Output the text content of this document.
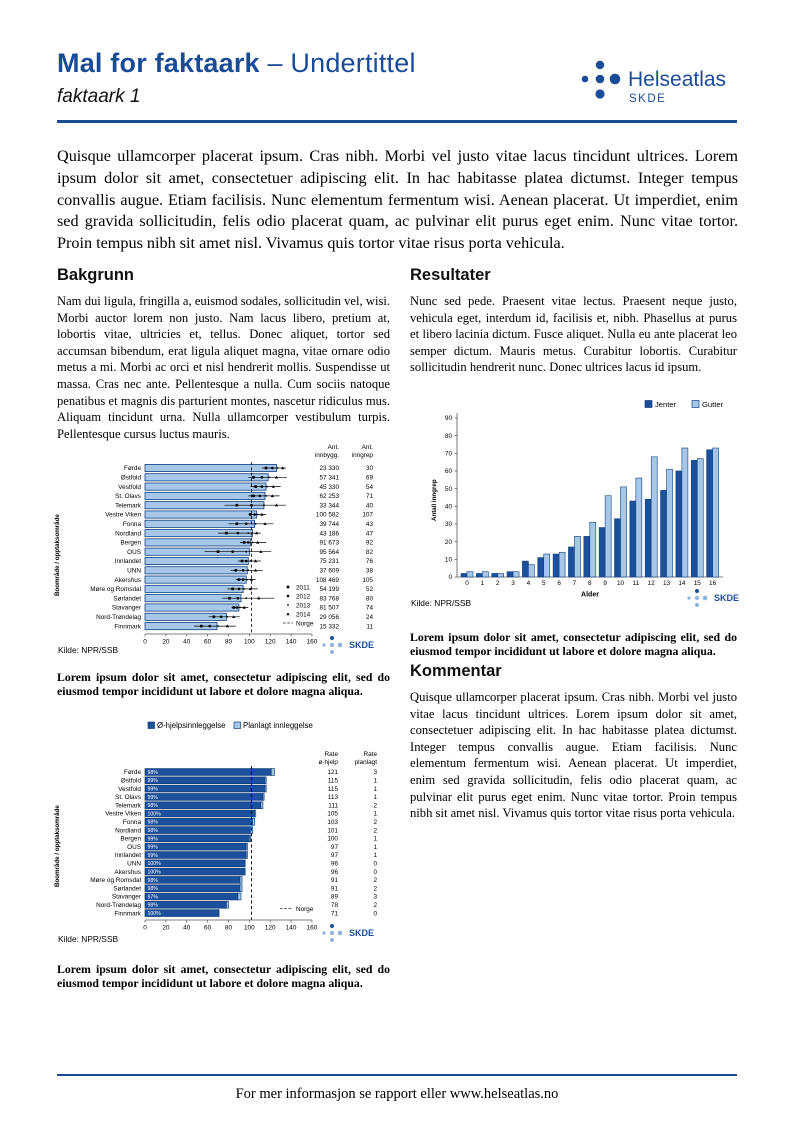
Mal for faktaark – Undertittel
faktaark 1
Helseatlas
SKDE

Quisque ullamcorper placerat ipsum. Cras nibh. Morbi vel justo vitae lacus tincidunt ultrices. Lorem ipsum dolor sit amet, consectetuer adipiscing elit. In hac habitasse platea dictumst. Integer tempus convallis augue. Etiam facilisis. Nunc elementum fermentum wisi. Aenean placerat. Ut imperdiet, enim sed gravida sollicitudin, felis odio placerat quam, ac pulvinar elit purus eget enim. Nunc vitae tortor. Proin tempus nibh sit amet nisl. Vivamus quis tortor vitae risus porta vehicula.

Bakgrunn

Nam dui ligula, fringilla a, euismod sodales, sollicitudin vel, wisi. Morbi auctor lorem non justo. Nam lacus libero, pretium at, lobortis vitae, ultricies et, tellus. Donec aliquet, tortor sed accumsan bibendum, erat ligula aliquet magna, vitae ornare odio metus a mi. Morbi ac orci et nisl hendrerit mollis. Suspendisse ut massa. Cras nec ante. Pellentesque a nulla. Cum sociis natoque penatibus et magnis dis parturient montes, nascetur ridiculus mus. Aliquam tincidunt urna. Nulla ullamcorper vestibulum turpis. Pellentesque cursus luctus mauris.

Resultater

Nunc sed pede. Praesent vitae lectus. Praesent neque justo, vehicula eget, interdum id, facilisis et, nibh. Phasellus at purus et libero lacinia dictum. Fusce aliquet. Nulla eu ante placerat leo semper dictum. Mauris metus. Curabitur lobortis. Curabitur sollicitudin hendrerit nunc. Donec ultrices lacus id ipsum.

Ant.
innbygg.
Ant.
inngrep
Førde	23 330	30
Østfold	57 341	69
Vestfold	45 330	54
St. Olavs	62 253	71
Telemark	33 344	40
Vestre Viken	100 582	107
Fonna	39 744	43
Nordland	43 186	47
Bergen	91 673	92
OUS	95 564	82
Innlandet	75 231	76
UNN	37 609	38
Akershus	108 469	105
Møre og Romsdal	54 199	52
Sørlandet	83 768	80
Stavanger	81 507	74
Nord-Trøndelag	29 056	24
Finnmark	15 332	11
0 20 40 60 80 100 120 140 160
2011
2012
2013
2014
Norge
Boområde / opptaksområde
Kilde: NPR/SSB	SKDE

Lorem ipsum dolor sit amet, consectetur adipiscing elit, sed do eiusmod tempor incididunt ut labore et dolore magna aliqua.

Jenter	Gutter
0
10
20
30
40
50
60
70
80
90
0 1 2 3 4 5 6 7 8 9 10 11 12 13 14 15 16
Alder
Antall inngrep
Kilde: NPR/SSB	SKDE

Lorem ipsum dolor sit amet, consectetur adipiscing elit, sed do eiusmod tempor incididunt ut labore et dolore magna aliqua.

Kommentar

Quisque ullamcorper placerat ipsum. Cras nibh. Morbi vel justo vitae lacus tincidunt ultrices. Lorem ipsum dolor sit amet, consectetuer adipiscing elit. In hac habitasse platea dictumst. Integer tempus convallis augue. Etiam facilisis. Nunc elementum fermentum wisi. Aenean placerat. Ut imperdiet, enim sed gravida sollicitudin, felis odio placerat quam, ac pulvinar elit purus eget enim. Nunc vitae tortor. Proin tempus nibh sit amet nisl. Vivamus quis tortor vitae risus porta vehicula.

Ø-hjelpsinnleggelse Planlagt innleggelse
Rate
ø-hjelp
Rate
planlagt
Førde 98%	121	3
Østfold 99%	115	1
Vestfold 99%	115	1
St. Olavs 99%	113	1
Telemark 98%	111	2
Vestre Viken 100%	105	1
Fonna 98%	103	2
Nordland 98%	101	2
Bergen 99%	100	1
OUS 99%	97	1
Innlandet 99%	97	1
UNN 100%	96	0
Akershus 100%	96	0
Møre og Romsdal 98%	91	2
Sørlandet 98%	91	2
Stavanger 97%	89	3
Nord-Trøndelag 98%	78	2
Finnmark 100%	71	0
Norge
0 20 40 60 80 100 120 140 160
Boområde / opptaksområde
Kilde: NPR/SSB
SKDE

Lorem ipsum dolor sit amet, consectetur adipiscing elit, sed do eiusmod tempor incididunt ut labore et dolore magna aliqua.

For mer informasjon se rapport eller www.helseatlas.no
